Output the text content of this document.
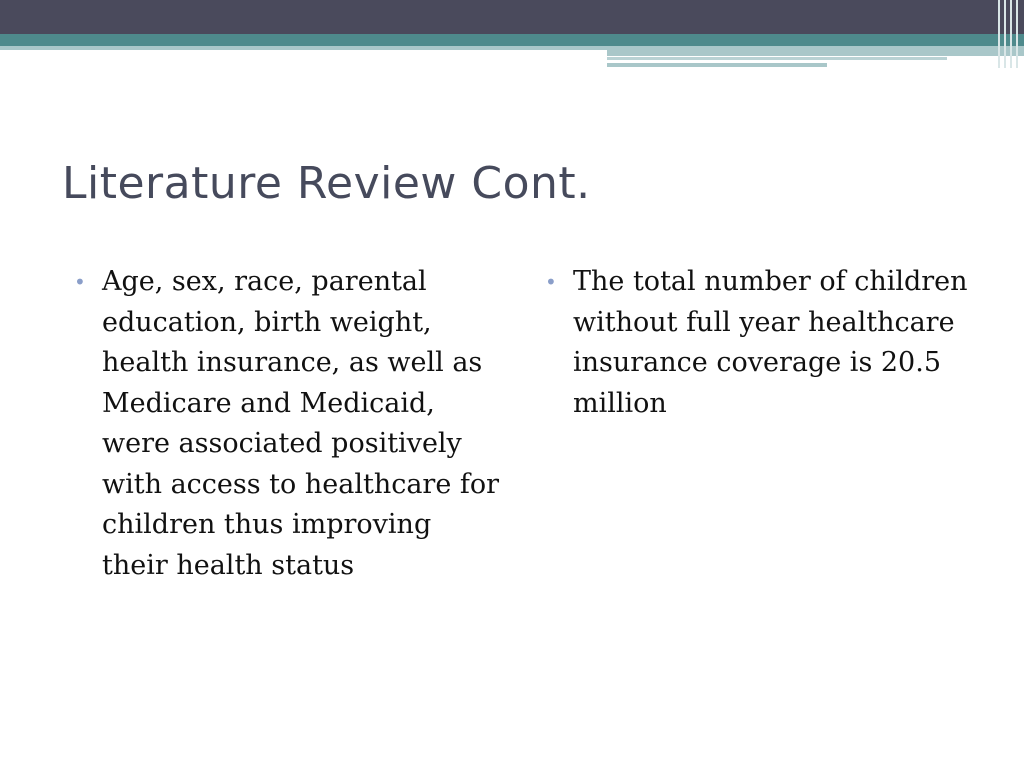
Literature Review Cont.
• Age, sex, race, parental education, birth weight, health insurance, as well as Medicare and Medicaid, were associated positively with access to healthcare for children thus improving their health status
• The total number of children without full year healthcare insurance coverage is 20.5 million
